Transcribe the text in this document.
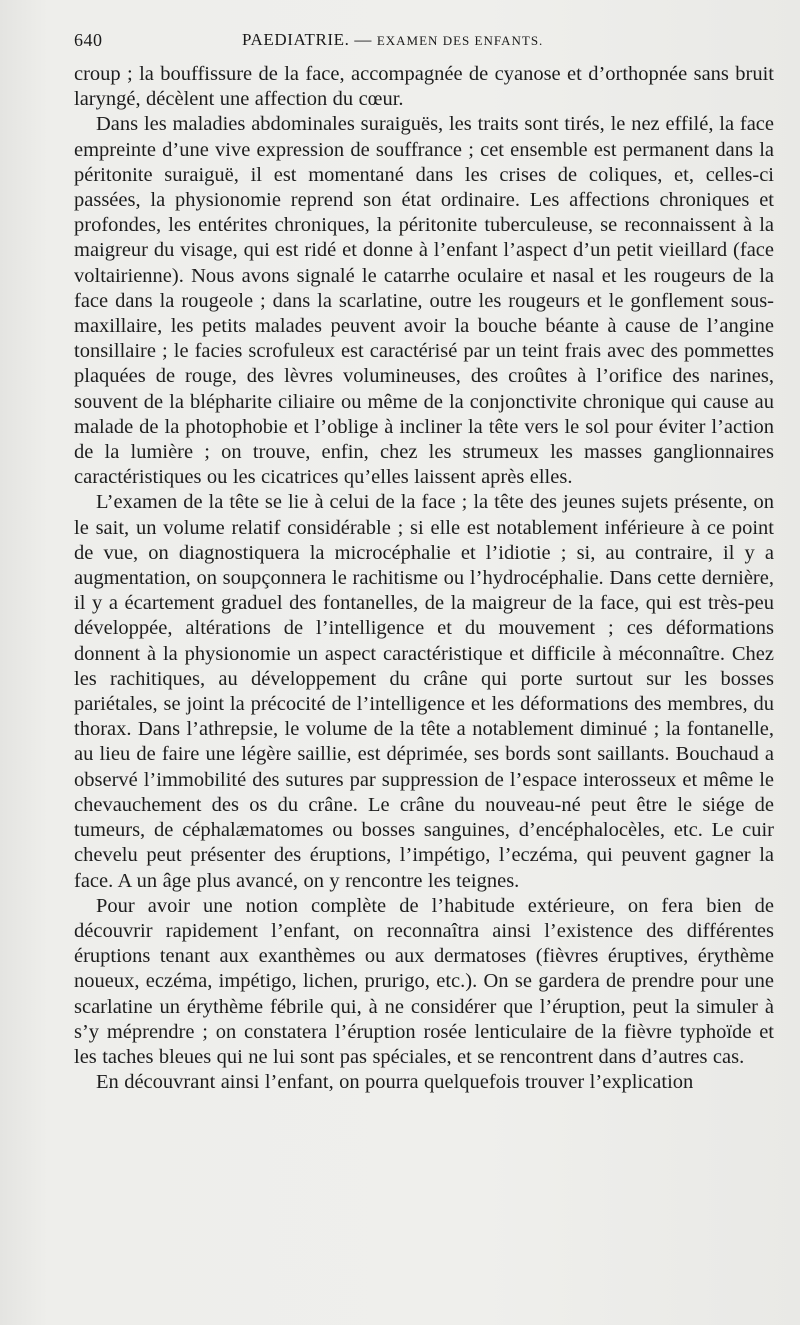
640	PAEDIATRIE. — EXAMEN DES ENFANTS.

croup ; la bouffissure de la face, accompagnée de cyanose et d’orthopnée sans bruit laryngé, décèlent une affection du cœur.

Dans les maladies abdominales suraiguës, les traits sont tirés, le nez effilé, la face empreinte d’une vive expression de souffrance ; cet ensemble est permanent dans la péritonite suraiguë, il est momentané dans les crises de coliques, et, celles-ci passées, la physionomie reprend son état ordinaire. Les affections chroniques et profondes, les entérites chroniques, la péritonite tuberculeuse, se reconnaissent à la maigreur du visage, qui est ridé et donne à l’enfant l’aspect d’un petit vieillard (face voltairienne). Nous avons signalé le catarrhe oculaire et nasal et les rougeurs de la face dans la rougeole ; dans la scarlatine, outre les rougeurs et le gonflement sous-maxillaire, les petits malades peuvent avoir la bouche béante à cause de l’angine tonsillaire ; le facies scrofuleux est caractérisé par un teint frais avec des pommettes plaquées de rouge, des lèvres volumineuses, des croûtes à l’orifice des narines, souvent de la blépharite ciliaire ou même de la conjonctivite chronique qui cause au malade de la photophobie et l’oblige à incliner la tête vers le sol pour éviter l’action de la lumière ; on trouve, enfin, chez les strumeux les masses ganglionnaires caractéristiques ou les cicatrices qu’elles laissent après elles.

L’examen de la tête se lie à celui de la face ; la tête des jeunes sujets présente, on le sait, un volume relatif considérable ; si elle est notablement inférieure à ce point de vue, on diagnostiquera la microcéphalie et l’idiotie ; si, au contraire, il y a augmentation, on soupçonnera le rachitisme ou l’hydrocéphalie. Dans cette dernière, il y a écartement graduel des fontanelles, de la maigreur de la face, qui est très-peu développée, altérations de l’intelligence et du mouvement ; ces déformations donnent à la physionomie un aspect caractéristique et difficile à méconnaître. Chez les rachitiques, au développement du crâne qui porte surtout sur les bosses pariétales, se joint la précocité de l’intelligence et les déformations des membres, du thorax. Dans l’athrepsie, le volume de la tête a notablement diminué ; la fontanelle, au lieu de faire une légère saillie, est déprimée, ses bords sont saillants. Bouchaud a observé l’immobilité des sutures par suppression de l’espace interosseux et même le chevauchement des os du crâne. Le crâne du nouveau-né peut être le siége de tumeurs, de céphalæmatomes ou bosses sanguines, d’encéphalocèles, etc. Le cuir chevelu peut présenter des éruptions, l’impétigo, l’eczéma, qui peuvent gagner la face. A un âge plus avancé, on y rencontre les teignes.

Pour avoir une notion complète de l’habitude extérieure, on fera bien de découvrir rapidement l’enfant, on reconnaîtra ainsi l’existence des différentes éruptions tenant aux exanthèmes ou aux dermatoses (fièvres éruptives, érythème noueux, eczéma, impétigo, lichen, prurigo, etc.). On se gardera de prendre pour une scarlatine un érythème fébrile qui, à ne considérer que l’éruption, peut la simuler à s’y méprendre ; on constatera l’éruption rosée lenticulaire de la fièvre typhoïde et les taches bleues qui ne lui sont pas spéciales, et se rencontrent dans d’autres cas.

En découvrant ainsi l’enfant, on pourra quelquefois trouver l’explication
